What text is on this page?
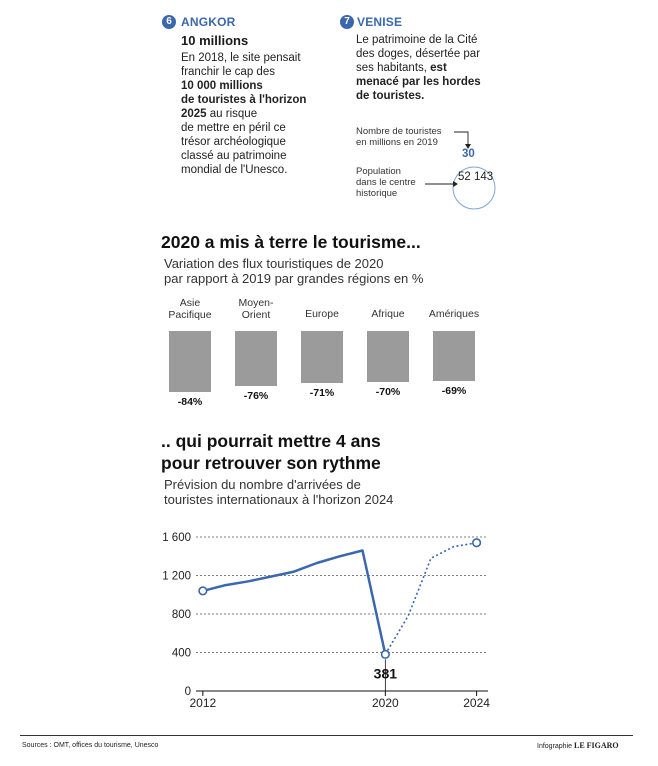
6 ANGKOR
10 millions
En 2018, le site pensait
franchir le cap des
10 000 millions
de touristes à l'horizon
2025 au risque
de mettre en péril ce
trésor archéologique
classé au patrimoine
mondial de l'Unesco.
7 VENISE
Le patrimoine de la Cité
des doges, désertée par
ses habitants, est
menacé par les hordes
de touristes.
Nombre de touristes
en millions en 2019
30
Population
dans le centre
historique
52 143
2020 a mis à terre le tourisme...
Variation des flux touristiques de 2020
par rapport à 2019 par grandes régions en %
Asie
Pacifique
-84%
Moyen-
Orient
-76%
Europe
-71%
Afrique
-70%
Amériques
-69%
.. qui pourrait mettre 4 ans
pour retrouver son rythme
Prévision du nombre d'arrivées de
touristes internationaux à l'horizon 2024
0
400
800
1 200
1 600
2012	2020	2024
381
Sources : OMT, offices du tourisme, Unesco	Infographie LE FIGARO
